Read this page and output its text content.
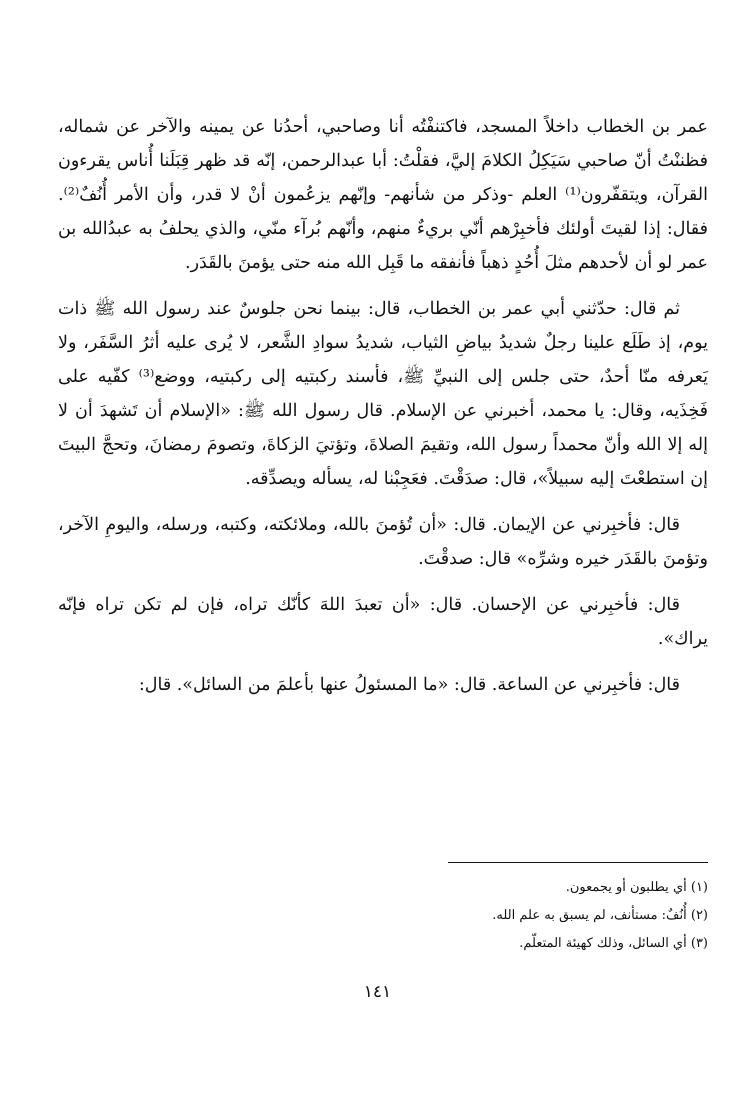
عمر بن الخطاب داخلاً المسجد، فاكتنفْتُه أنا وصاحبي، أحدُنا عن يمينه والآخر عن شماله، فظننْتُ أنّ صاحبي سَيَكِلُ الكلامَ إليَّ، فقلْتُ: أبا عبدالرحمن، إنّه قد ظهر قِبَلَنا أُناس يقرءون القرآن، ويتقفّرون⁽¹⁾ العلم -وذكر من شأنهم- وإنّهم يزعُمون أنْ لا قدر، وأن الأمر أُنُفٌ⁽²⁾. فقال: إذا لقيتَ أولئك فأخبِرْهم أنّي بريءٌ منهم، وأنّهم بُرآء منّي، والذي يحلفُ به عبدُالله بن عمر لو أن لأحدهم مثلَ أُحُدٍ ذهباً فأنفقه ما قَبِل الله منه حتى يؤمنَ بالقَدَر.

ثم قال: حدّثني أبي عمر بن الخطاب، قال: بينما نحن جلوسٌ عند رسول الله ﷺ ذات يوم، إذ طَلَع علينا رجلٌ شديدُ بياضِ الثياب، شديدُ سوادِ الشَّعر، لا يُرى عليه أثرُ السَّفَر، ولا يَعرفه منّا أحدٌ، حتى جلس إلى النبيِّ ﷺ، فأسند ركبتيه إلى ركبتيه، ووضع⁽³⁾ كفّيه على فَخِذَيه، وقال: يا محمد، أخبرني عن الإسلام. قال رسول الله ﷺ: «الإسلام أن تَشهدَ أن لا إله إلا الله وأنّ محمداً رسول الله، وتقيمَ الصلاةَ، وتؤتيَ الزكاةَ، وتصومَ رمضانَ، وتحجَّ البيتَ إن استطعْتَ إليه سبيلاً»، قال: صدَقْتَ. فعَجِبْنا له، يسأله ويصدِّقه.

قال: فأخبِرني عن الإيمان. قال: «أن تُؤمنَ بالله، وملائكته، وكتبه، ورسله، واليومِ الآخر، وتؤمنَ بالقَدَر خيره وشرِّه» قال: صدقْتَ.

قال: فأخبِرني عن الإحسان. قال: «أن تعبدَ اللهَ كأنّك تراه، فإن لم تكن تراه فإنّه يراك».

قال: فأخبِرني عن الساعة. قال: «ما المسئولُ عنها بأعلمَ من السائل». قال:

(١) أي يطلبون أو يجمعون.

(٢) أُنُفٌ: مستأنف، لم يسبق به علم الله.

(٣) أي السائل، وذلك كهيئة المتعلّم.

١٤١
